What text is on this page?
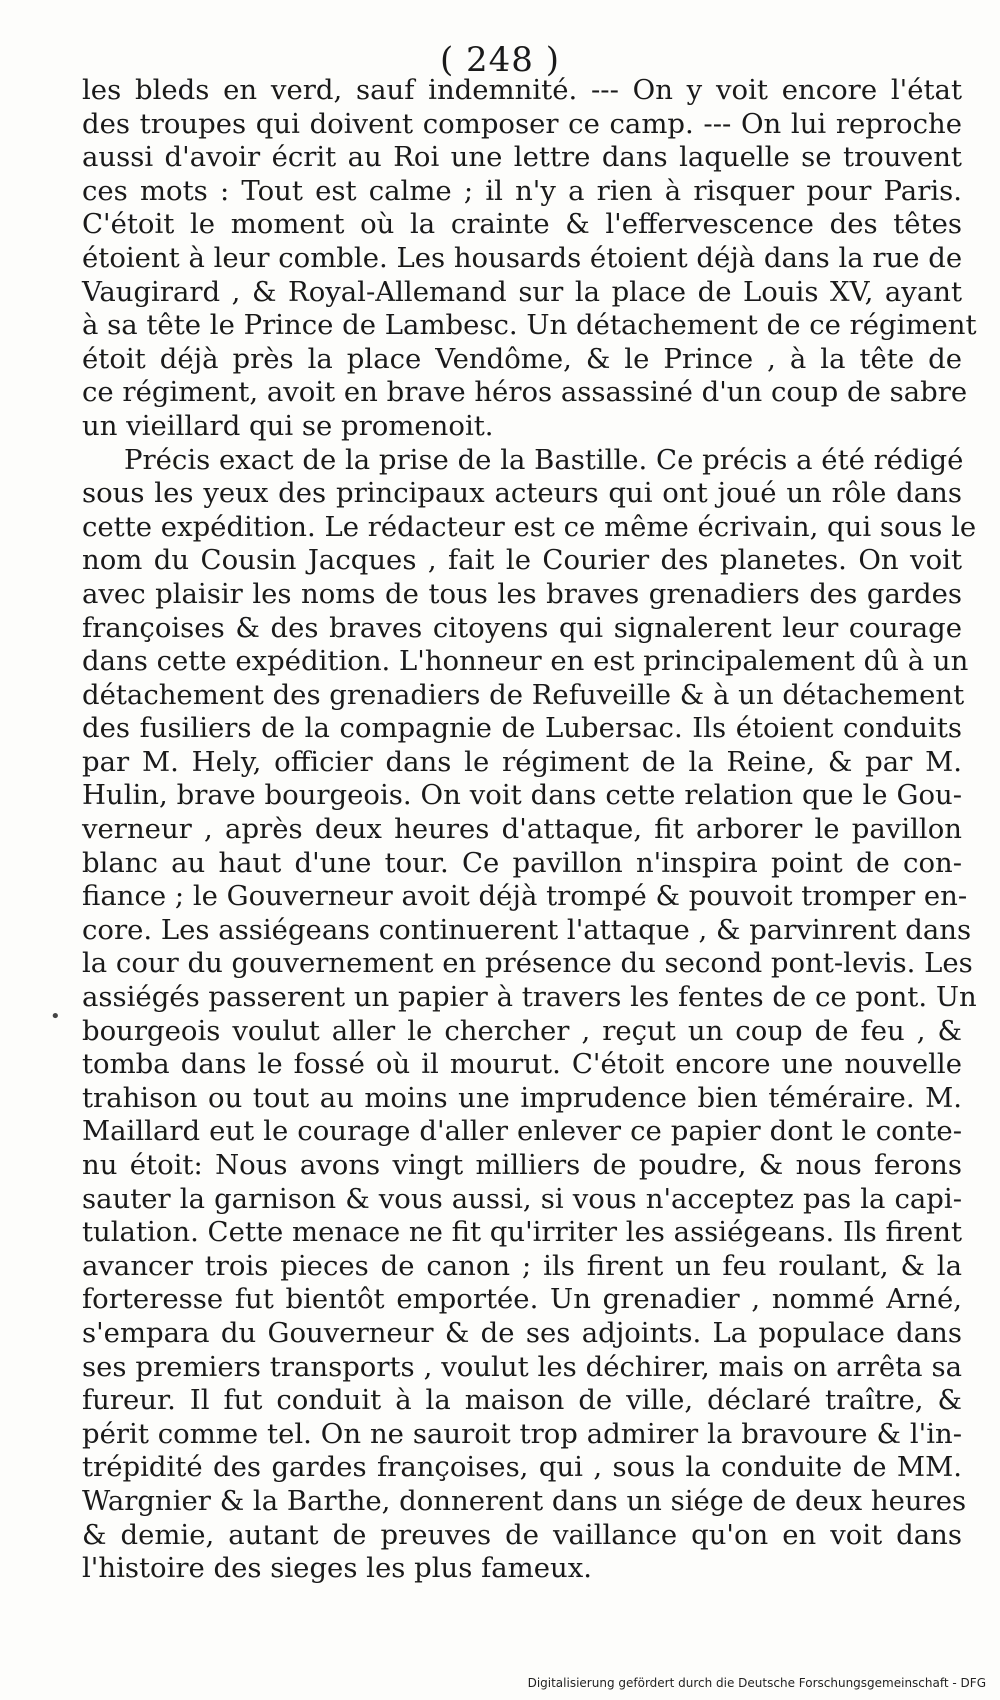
( 248 )
•
les bleds en verd, sauf indemnité. --- On y voit encore l'état
des troupes qui doivent composer ce camp. --- On lui reproche
aussi d'avoir écrit au Roi une lettre dans laquelle se trouvent
ces mots : Tout est calme ; il n'y a rien à risquer pour Paris.
C'étoit le moment où la crainte & l'effervescence des têtes
étoient à leur comble. Les housards étoient déjà dans la rue de
Vaugirard , & Royal-Allemand sur la place de Louis XV, ayant
à sa tête le Prince de Lambesc. Un détachement de ce régiment
étoit déjà près la place Vendôme, & le Prince , à la tête de
ce régiment, avoit en brave héros assassiné d'un coup de sabre
un vieillard qui se promenoit.
Précis exact de la prise de la Bastille. Ce précis a été rédigé
sous les yeux des principaux acteurs qui ont joué un rôle dans
cette expédition. Le rédacteur est ce même écrivain, qui sous le
nom du Cousin Jacques , fait le Courier des planetes. On voit
avec plaisir les noms de tous les braves grenadiers des gardes
françoises & des braves citoyens qui signalerent leur courage
dans cette expédition. L'honneur en est principalement dû à un
détachement des grenadiers de Refuveille & à un détachement
des fusiliers de la compagnie de Lubersac. Ils étoient conduits
par M. Hely, officier dans le régiment de la Reine, & par M.
Hulin, brave bourgeois. On voit dans cette relation que le Gou-
verneur , après deux heures d'attaque, fit arborer le pavillon
blanc au haut d'une tour. Ce pavillon n'inspira point de con-
fiance ; le Gouverneur avoit déjà trompé & pouvoit tromper en-
core. Les assiégeans continuerent l'attaque , & parvinrent dans
la cour du gouvernement en présence du second pont-levis. Les
assiégés passerent un papier à travers les fentes de ce pont. Un
bourgeois voulut aller le chercher , reçut un coup de feu , &
tomba dans le fossé où il mourut. C'étoit encore une nouvelle
trahison ou tout au moins une imprudence bien téméraire. M.
Maillard eut le courage d'aller enlever ce papier dont le conte-
nu étoit: Nous avons vingt milliers de poudre, & nous ferons
sauter la garnison & vous aussi, si vous n'acceptez pas la capi-
tulation. Cette menace ne fit qu'irriter les assiégeans. Ils firent
avancer trois pieces de canon ; ils firent un feu roulant, & la
forteresse fut bientôt emportée. Un grenadier , nommé Arné,
s'empara du Gouverneur & de ses adjoints. La populace dans
ses premiers transports , voulut les déchirer, mais on arrêta sa
fureur. Il fut conduit à la maison de ville, déclaré traître, &
périt comme tel. On ne sauroit trop admirer la bravoure & l'in-
trépidité des gardes françoises, qui , sous la conduite de MM.
Wargnier & la Barthe, donnerent dans un siége de deux heures
& demie, autant de preuves de vaillance qu'on en voit dans
l'histoire des sieges les plus fameux.
Digitalisierung gefördert durch die Deutsche Forschungsgemeinschaft - DFG
